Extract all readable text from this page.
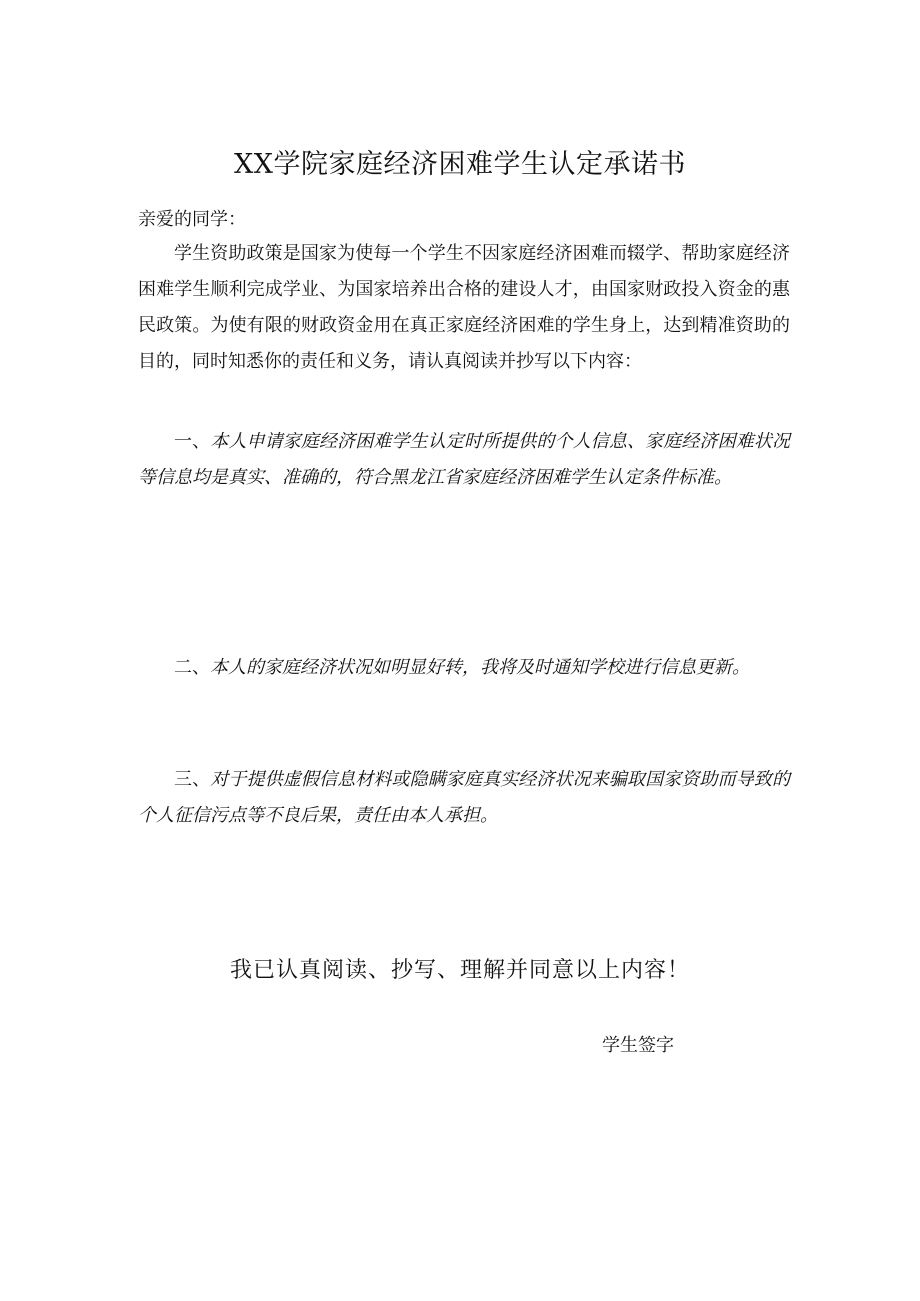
XX学院家庭经济困难学生认定承诺书
亲爱的同学：

学生资助政策是国家为使每一个学生不因家庭经济困难而辍学、帮助家庭经济困难学生顺利完成学业、为国家培养出合格的建设人才，由国家财政投入资金的惠民政策。为使有限的财政资金用在真正家庭经济困难的学生身上，达到精准资助的目的，同时知悉你的责任和义务，请认真阅读并抄写以下内容：

一、本人申请家庭经济困难学生认定时所提供的个人信息、家庭经济困难状况等信息均是真实、准确的，符合黑龙江省家庭经济困难学生认定条件标准。

二、本人的家庭经济状况如明显好转，我将及时通知学校进行信息更新。

三、对于提供虚假信息材料或隐瞒家庭真实经济状况来骗取国家资助而导致的个人征信污点等不良后果，责任由本人承担。

我已认真阅读、抄写、理解并同意以上内容！
学生签字
